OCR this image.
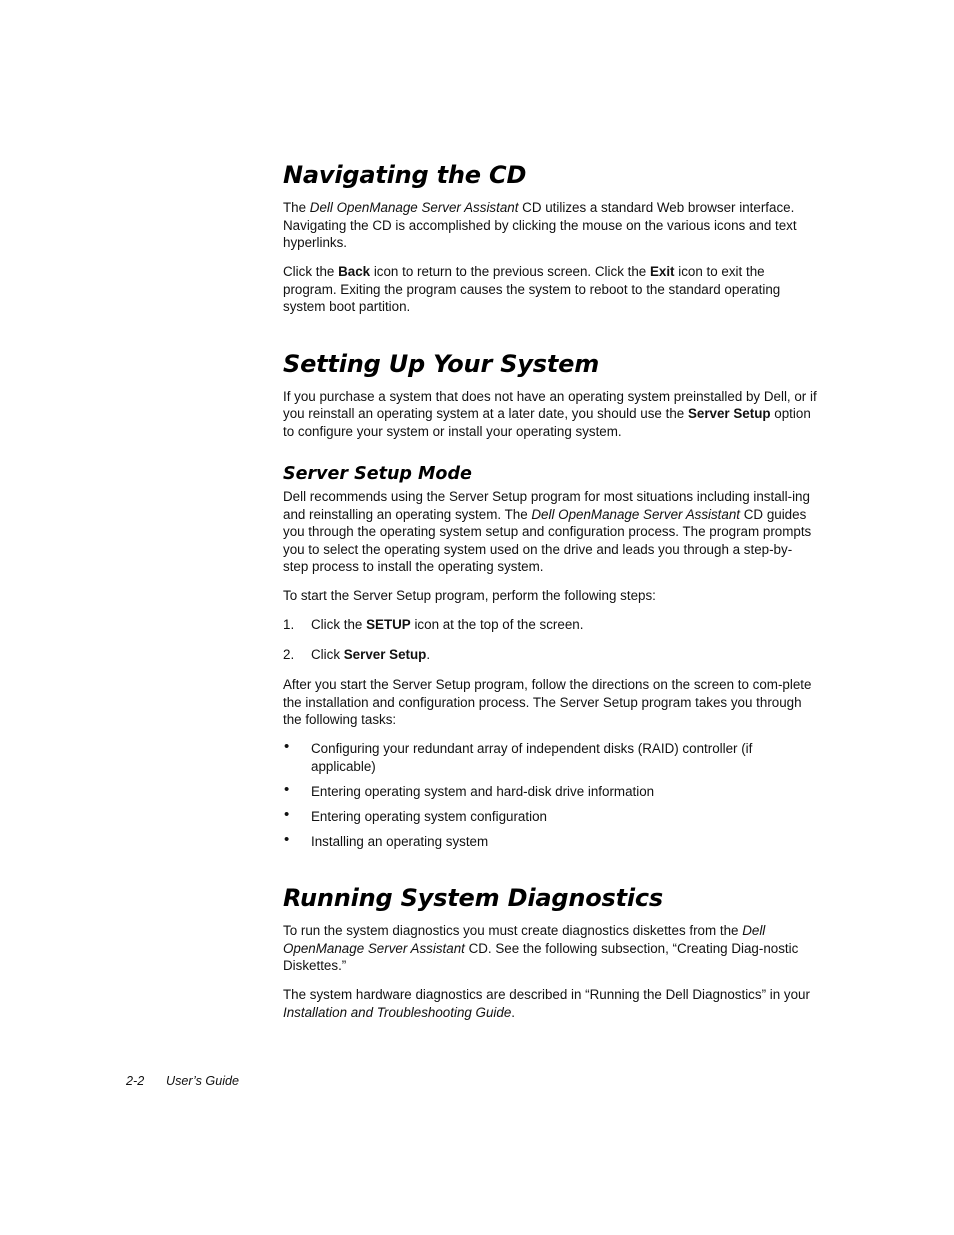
Navigating the CD

The Dell OpenManage Server Assistant CD utilizes a standard Web browser interface. Navigating the CD is accomplished by clicking the mouse on the various icons and text hyperlinks.

Click the Back icon to return to the previous screen. Click the Exit icon to exit the program. Exiting the program causes the system to reboot to the standard operating system boot partition.

Setting Up Your System

If you purchase a system that does not have an operating system preinstalled by Dell, or if you reinstall an operating system at a later date, you should use the Server Setup option to configure your system or install your operating system.

Server Setup Mode

Dell recommends using the Server Setup program for most situations including install-ing and reinstalling an operating system. The Dell OpenManage Server Assistant CD guides you through the operating system setup and configuration process. The program prompts you to select the operating system used on the drive and leads you through a step-by-step process to install the operating system.

To start the Server Setup program, perform the following steps:

1. Click the SETUP icon at the top of the screen.
2. Click Server Setup.

After you start the Server Setup program, follow the directions on the screen to com-plete the installation and configuration process. The Server Setup program takes you through the following tasks:

• Configuring your redundant array of independent disks (RAID) controller (if applicable)
• Entering operating system and hard-disk drive information
• Entering operating system configuration
• Installing an operating system
Running System Diagnostics

To run the system diagnostics you must create diagnostics diskettes from the Dell OpenManage Server Assistant CD. See the following subsection, “Creating Diag-nostic Diskettes.”

The system hardware diagnostics are described in “Running the Dell Diagnostics” in your Installation and Troubleshooting Guide.

2-2 User’s Guide
